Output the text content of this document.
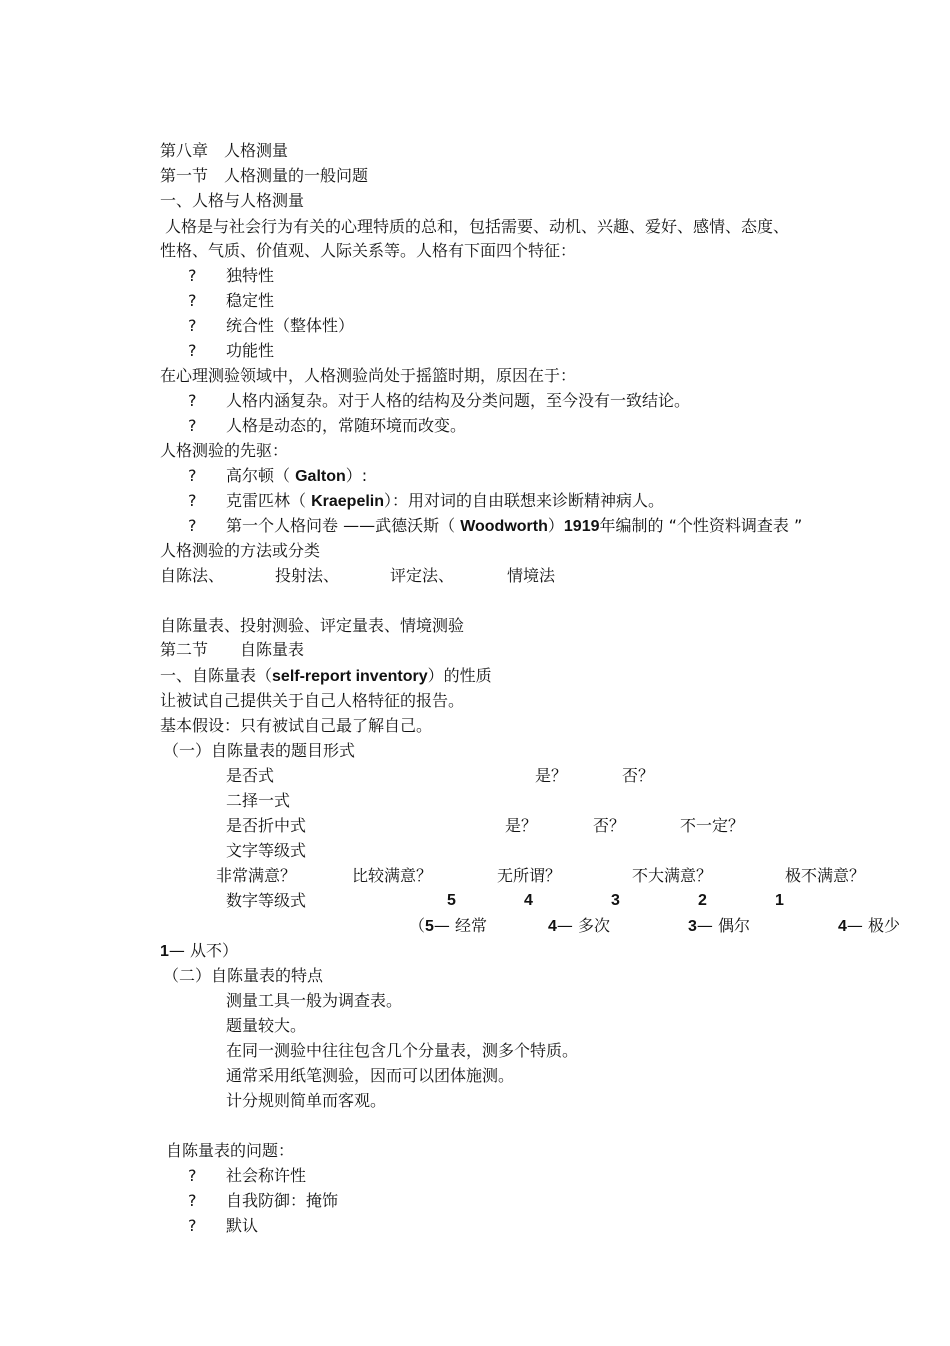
第八章　人格测量
第一节　人格测量的一般问题
一、人格与人格测量
人格是与社会行为有关的心理特质的总和，包括需要、动机、兴趣、爱好、感情、态度、
性格、气质、价值观、人际关系等。人格有下面四个特征：
? 独特性
? 稳定性
? 统合性（整体性）
? 功能性
在心理测验领域中，人格测验尚处于摇篮时期，原因在于：
? 人格内涵复杂。对于人格的结构及分类问题，至今没有一致结论。
? 人格是动态的，常随环境而改变。
人格测验的先驱：
? 高尔顿（ Galton）:
? 克雷匹林（ Kraepelin）：用对词的自由联想来诊断精神病人。
? 第一个人格问卷 ——武德沃斯（ Woodworth）1919年编制的 “个性资料调查表 ”
人格测验的方法或分类
自陈法、	投射法、	评定法、	情境法
自陈量表、投射测验、评定量表、情境测验
第二节　　自陈量表
一、自陈量表（self-report inventory）的性质
让被试自己提供关于自己人格特征的报告。
基本假设：只有被试自己最了解自己。
（一）自陈量表的题目形式
是否式	是？	否？
二择一式
是否折中式	是？	否？	不一定？
文字等级式
非常满意？	比较满意？	无所谓？	不大满意？	极不满意？
数字等级式	5	4	3	2	1
（5— 经常	4— 多次	3— 偶尔	4— 极少
1— 从不）
（二）自陈量表的特点
测量工具一般为调查表。
题量较大。
在同一测验中往往包含几个分量表，测多个特质。
通常采用纸笔测验，因而可以团体施测。
计分规则简单而客观。
自陈量表的问题：
? 社会称许性
? 自我防御：掩饰
? 默认
